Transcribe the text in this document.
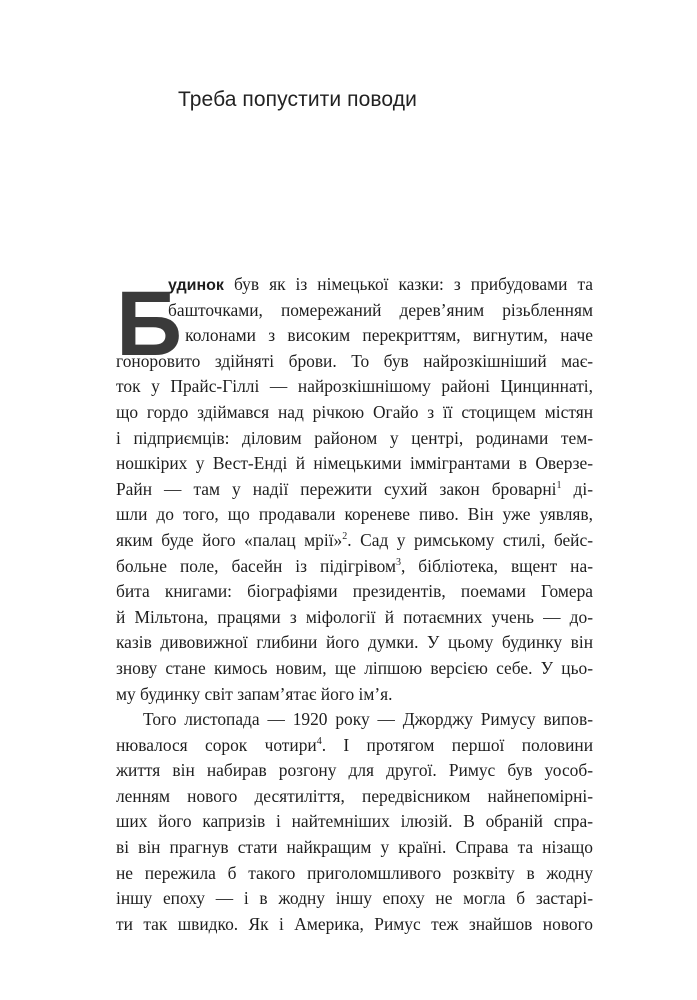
Треба попустити поводи
Б
удинок був як із німецької казки: з прибудовами та
башточками, помережаний дерев’яним різьбленням
і колонами з високим перекриттям, вигнутим, наче
гоноровито здійняті брови. То був найрозкішніший має-
ток у Прайс-Гіллі — найрозкішнішому районі Цинциннаті,
що гордо здіймався над річкою Огайо з її стоцищем містян
і підприємців: діловим районом у центрі, родинами тем-
ношкірих у Вест-Енді й німецькими іммігрантами в Оверзе-
Райн — там у надії пережити сухий закон броварні$^1$ ді-
шли до того, що продавали кореневе пиво. Він уже уявляв,
яким буде його «палац мрії»$^2$. Сад у римському стилі, бейс-
больне поле, басейн із підігрівом$^3$, бібліотека, вщент на-
бита книгами: біографіями президентів, поемами Гомера
й Мільтона, працями з міфології й потаємних учень — до-
казів дивовижної глибини його думки. У цьому будинку він
знову стане кимось новим, ще ліпшою версією себе. У цьо-
му будинку світ запам’ятає його ім’я.
Того листопада — 1920 року — Джорджу Римусу випов-
нювалося сорок чотири$^4$. І протягом першої половини
життя він набирав розгону для другої. Римус був уособ-
ленням нового десятиліття, передвісником найнепомірні-
ших його капризів і найтемніших ілюзій. В обраній спра-
ві він прагнув стати найкращим у країні. Справа та нізащо
не пережила б такого приголомшливого розквіту в жодну
іншу епоху — і в жодну іншу епоху не могла б застарі-
ти так швидко. Як і Америка, Римус теж знайшов нового
